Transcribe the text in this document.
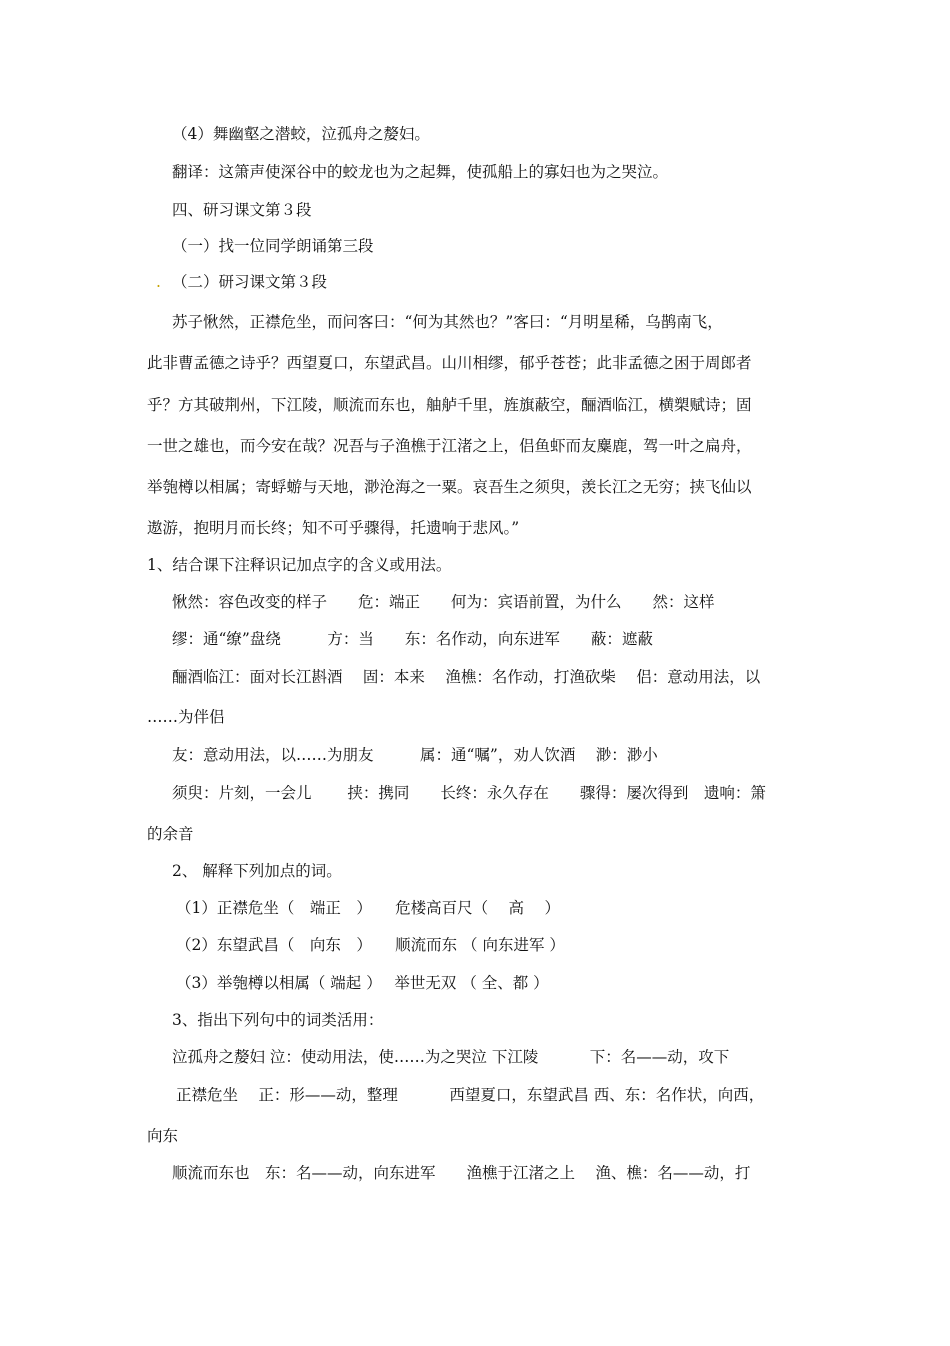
（4）舞幽壑之潜蛟，泣孤舟之嫠妇。
翻译：这箫声使深谷中的蛟龙也为之起舞，使孤船上的寡妇也为之哭泣。
四、研习课文第３段
（一）找一位同学朗诵第三段
. （二）研习课文第３段
苏子愀然，正襟危坐，而问客曰：“何为其然也？”客曰：“月明星稀，乌鹊南飞，
此非曹孟德之诗乎？西望夏口，东望武昌。山川相缪，郁乎苍苍；此非孟德之困于周郎者
乎？方其破荆州，下江陵，顺流而东也，舳舻千里，旌旗蔽空，酾酒临江，横槊赋诗；固
一世之雄也，而今安在哉？况吾与子渔樵于江渚之上，侣鱼虾而友麋鹿，驾一叶之扁舟，
举匏樽以相属；寄蜉蝣与天地，渺沧海之一粟。哀吾生之须臾，羡长江之无穷；挟飞仙以
遨游，抱明月而长终；知不可乎骤得，托遗响于悲风。”
1、结合课下注释识记加点字的含义或用法。
愀然：容色改变的样子　　危：端正　　何为：宾语前置，为什么　　然：这样
缪：通“缭”盘绕　　　方：当　　东：名作动，向东进军　　蔽：遮蔽
酾酒临江：面对长江斟酒　 固：本来　 渔樵：名作动，打渔砍柴　 侣：意动用法，以
……为伴侣
友：意动用法，以……为朋友　　　属：通“嘱”，劝人饮酒　 渺：渺小
须臾：片刻，一会儿　　 挟：携同　　长终：永久存在　　骤得：屡次得到　遗响：箫
的余音
2、 解释下列加点的词。
（1）正襟危坐（　端正　）　　危楼高百尺（　 高　 ）
（2）东望武昌（　向东　）　　顺流而东 （ 向东进军 ）
（3）举匏樽以相属（ 端起 ）　 举世无双 （ 全、都 ）
3、指出下列句中的词类活用：
泣孤舟之嫠妇 泣：使动用法，使……为之哭泣 下江陵　　　 下：名——动，攻下
正襟危坐　 正：形——动，整理　　　 西望夏口，东望武昌 西、东：名作状，向西，
向东
顺流而东也　东：名——动，向东进军　　渔樵于江渚之上　 渔、樵：名——动，打
